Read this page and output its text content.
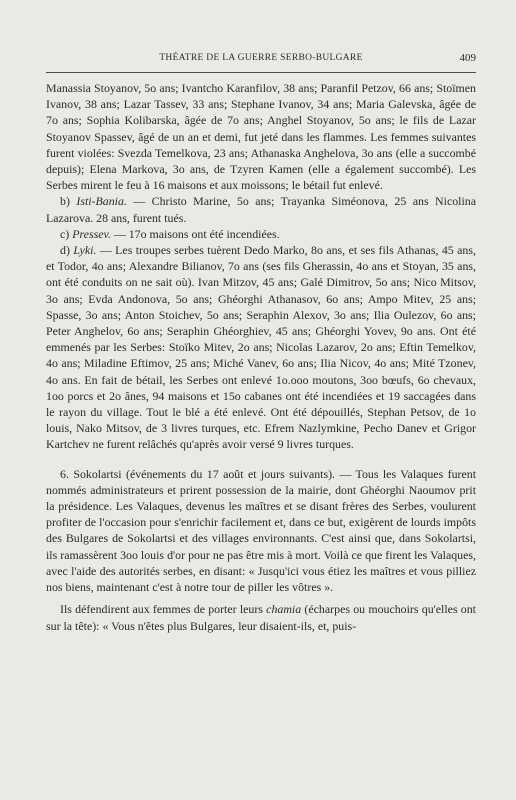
THÉATRE DE LA GUERRE SERBO-BULGARE	409

Manassia Stoyanov, 5o ans; Ivantcho Karanfilov, 38 ans; Paranfil Petzov, 66 ans; Stoïmen Ivanov, 38 ans; Lazar Tassev, 33 ans; Stephane Ivanov, 34 ans; Maria Galevska, âgée de 7o ans; Sophia Kolibarska, âgée de 7o ans; Anghel Stoyanov, 5o ans; le fils de Lazar Stoyanov Spassev, âgé de un an et demi, fut jeté dans les flammes. Les femmes suivantes furent violées: Svezda Temelkova, 23 ans; Athanaska Anghelova, 3o ans (elle a succombé depuis); Elena Markova, 3o ans, de Tzyren Kamen (elle a également succombé). Les Serbes mirent le feu à 16 maisons et aux moissons; le bétail fut enlevé.

b) Isti-Bania. — Christo Marine, 5o ans; Trayanka Siméonova, 25 ans Nicolina Lazarova. 28 ans, furent tués.

c) Pressev. — 17o maisons ont été incendiées.

d) Lyki. — Les troupes serbes tuèrent Dedo Marko, 8o ans, et ses fils Athanas, 45 ans, et Todor, 4o ans; Alexandre Bilianov, 7o ans (ses fils Gherassin, 4o ans et Stoyan, 35 ans, ont été conduits on ne sait où). Ivan Mitzov, 45 ans; Galé Dimitrov, 5o ans; Nico Mitsov, 3o ans; Evda Andonova, 5o ans; Ghéorghi Athanasov, 6o ans; Ampo Mitev, 25 ans; Spasse, 3o ans; Anton Stoichev, 5o ans; Seraphin Alexov, 3o ans; Ilia Oulezov, 6o ans; Peter Anghelov, 6o ans; Seraphin Ghéorghiev, 45 ans; Ghéorghi Yovev, 9o ans. Ont été emmenés par les Serbes: Stoïko Mitev, 2o ans; Nicolas Lazarov, 2o ans; Eftin Temelkov, 4o ans; Miladine Eftimov, 25 ans; Miché Vanev, 6o ans; Ilia Nicov, 4o ans; Mité Tzonev, 4o ans. En fait de bétail, les Serbes ont enlevé 1o.ooo moutons, 3oo bœufs, 6o chevaux, 1oo porcs et 2o ânes, 94 maisons et 15o cabanes ont été incendiées et 19 saccagées dans le rayon du village. Tout le blé a été enlevé. Ont été dépouillés, Stephan Petsov, de 1o louis, Nako Mitsov, de 3 livres turques, etc. Efrem Nazlymkine, Pecho Danev et Grigor Kartchev ne furent relâchés qu'après avoir versé 9 livres turques.

6. Sokolartsi (événements du 17 août et jours suivants). — Tous les Valaques furent nommés administrateurs et prirent possession de la mairie, dont Ghéorghi Naoumov prit la présidence. Les Valaques, devenus les maîtres et se disant frères des Serbes, voulurent profiter de l'occasion pour s'enrichir facilement et, dans ce but, exigèrent de lourds impôts des Bulgares de Sokolartsi et des villages environnants. C'est ainsi que, dans Sokolartsi, ils ramassèrent 3oo louis d'or pour ne pas être mis à mort. Voilà ce que firent les Valaques, avec l'aide des autorités serbes, en disant: « Jusqu'ici vous étiez les maîtres et vous pilliez nos biens, maintenant c'est à notre tour de piller les vôtres ».

Ils défendirent aux femmes de porter leurs chamia (écharpes ou mouchoirs qu'elles ont sur la tête): « Vous n'êtes plus Bulgares, leur disaient-ils, et, puis-
